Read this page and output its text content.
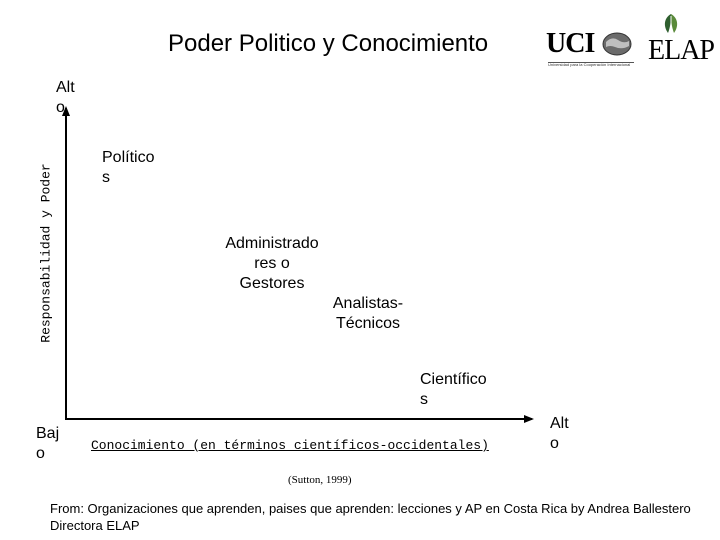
Poder Politico y Conocimiento UCI
Universidad para la Cooperación Internacional ELAP
Alt
o
Baj
o
Alt
o
Responsabilidad y Poder
Conocimiento (en términos científicos-occidentales)
Político
s
Administrado
res o
Gestores
Analistas-
Técnicos
Científico
s
(Sutton, 1999)
From: Organizaciones que aprenden, paises que aprenden: lecciones y AP en Costa Rica by Andrea Ballestero Directora ELAP
